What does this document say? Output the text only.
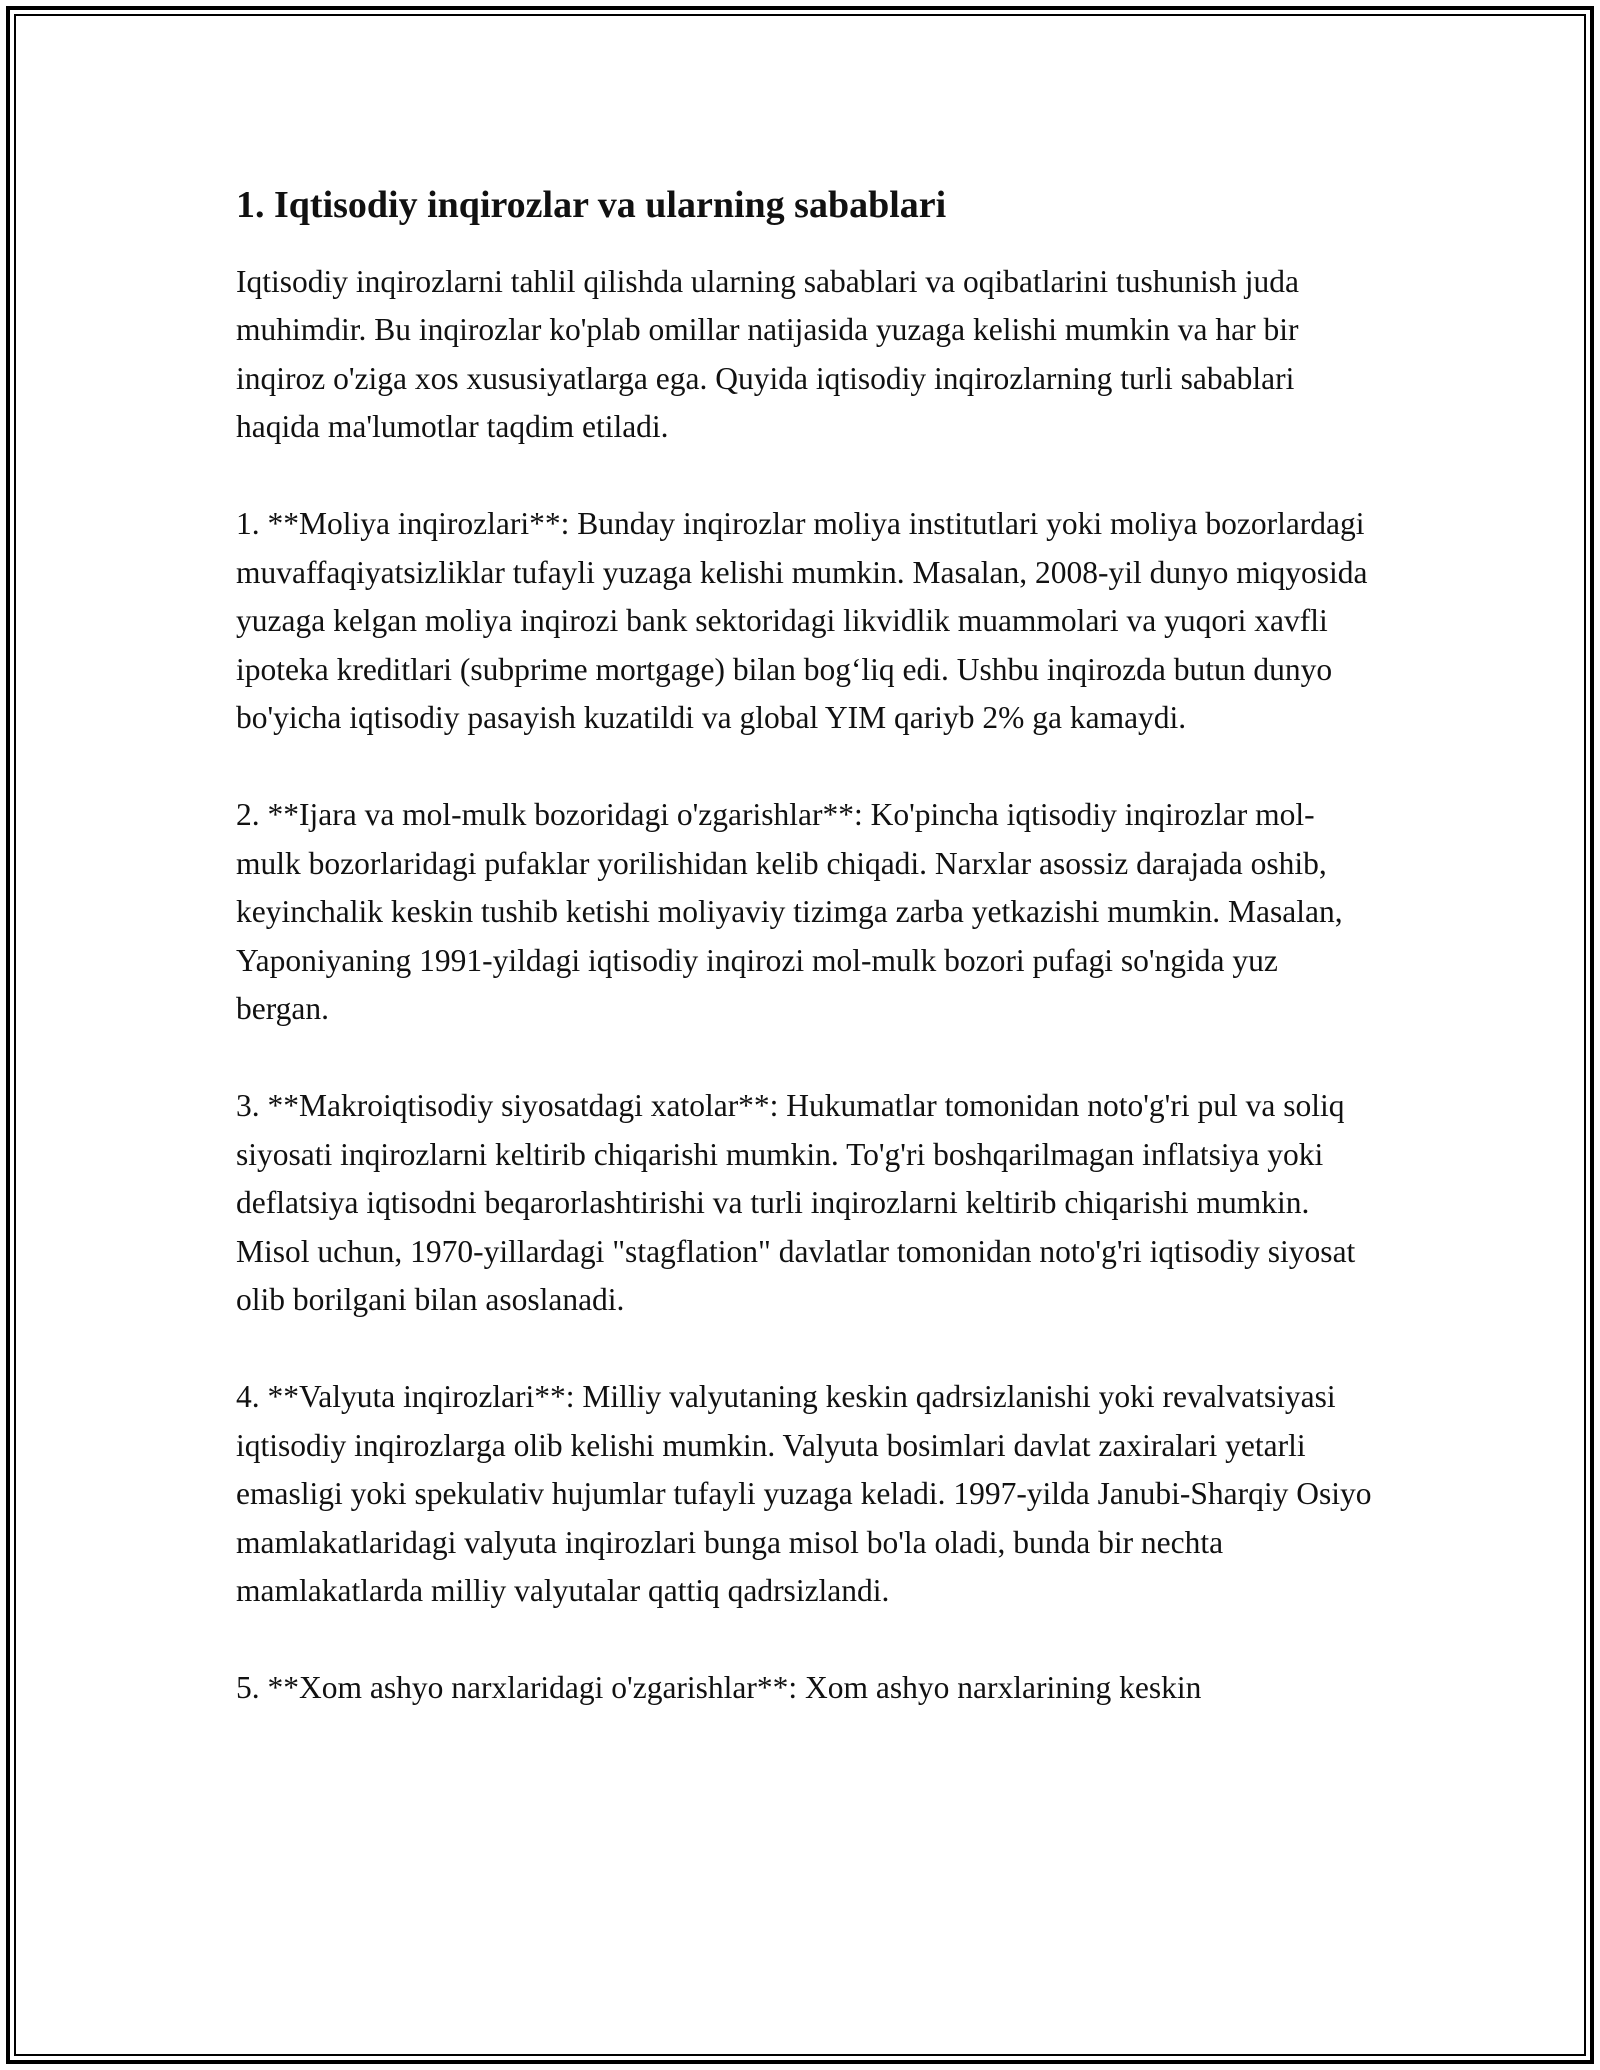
1. Iqtisodiy inqirozlar va ularning sabablari

Iqtisodiy inqirozlarni tahlil qilishda ularning sabablari va oqibatlarini tushunish juda muhimdir. Bu inqirozlar ko'plab omillar natijasida yuzaga kelishi mumkin va har bir inqiroz o'ziga xos xususiyatlarga ega. Quyida iqtisodiy inqirozlarning turli sabablari haqida ma'lumotlar taqdim etiladi.

1. **Moliya inqirozlari**: Bunday inqirozlar moliya institutlari yoki moliya bozorlardagi muvaffaqiyatsizliklar tufayli yuzaga kelishi mumkin. Masalan, 2008-yil dunyo miqyosida yuzaga kelgan moliya inqirozi bank sektoridagi likvidlik muammolari va yuqori xavfli ipoteka kreditlari (subprime mortgage) bilan bog‘liq edi. Ushbu inqirozda butun dunyo bo'yicha iqtisodiy pasayish kuzatildi va global YIM qariyb 2% ga kamaydi.

2. **Ijara va mol-mulk bozoridagi o'zgarishlar**: Ko'pincha iqtisodiy inqirozlar mol-mulk bozorlaridagi pufaklar yorilishidan kelib chiqadi. Narxlar asossiz darajada oshib, keyinchalik keskin tushib ketishi moliyaviy tizimga zarba yetkazishi mumkin. Masalan, Yaponiyaning 1991-yildagi iqtisodiy inqirozi mol-mulk bozori pufagi so'ngida yuz bergan.

3. **Makroiqtisodiy siyosatdagi xatolar**: Hukumatlar tomonidan noto'g'ri pul va soliq siyosati inqirozlarni keltirib chiqarishi mumkin. To'g'ri boshqarilmagan inflatsiya yoki deflatsiya iqtisodni beqarorlashtirishi va turli inqirozlarni keltirib chiqarishi mumkin. Misol uchun, 1970-yillardagi "stagflation" davlatlar tomonidan noto'g'ri iqtisodiy siyosat olib borilgani bilan asoslanadi.

4. **Valyuta inqirozlari**: Milliy valyutaning keskin qadrsizlanishi yoki revalvatsiyasi iqtisodiy inqirozlarga olib kelishi mumkin. Valyuta bosimlari davlat zaxiralari yetarli emasligi yoki spekulativ hujumlar tufayli yuzaga keladi. 1997-yilda Janubi-Sharqiy Osiyo mamlakatlaridagi valyuta inqirozlari bunga misol bo'la oladi, bunda bir nechta mamlakatlarda milliy valyutalar qattiq qadrsizlandi.

5. **Xom ashyo narxlaridagi o'zgarishlar**: Xom ashyo narxlarining keskin
